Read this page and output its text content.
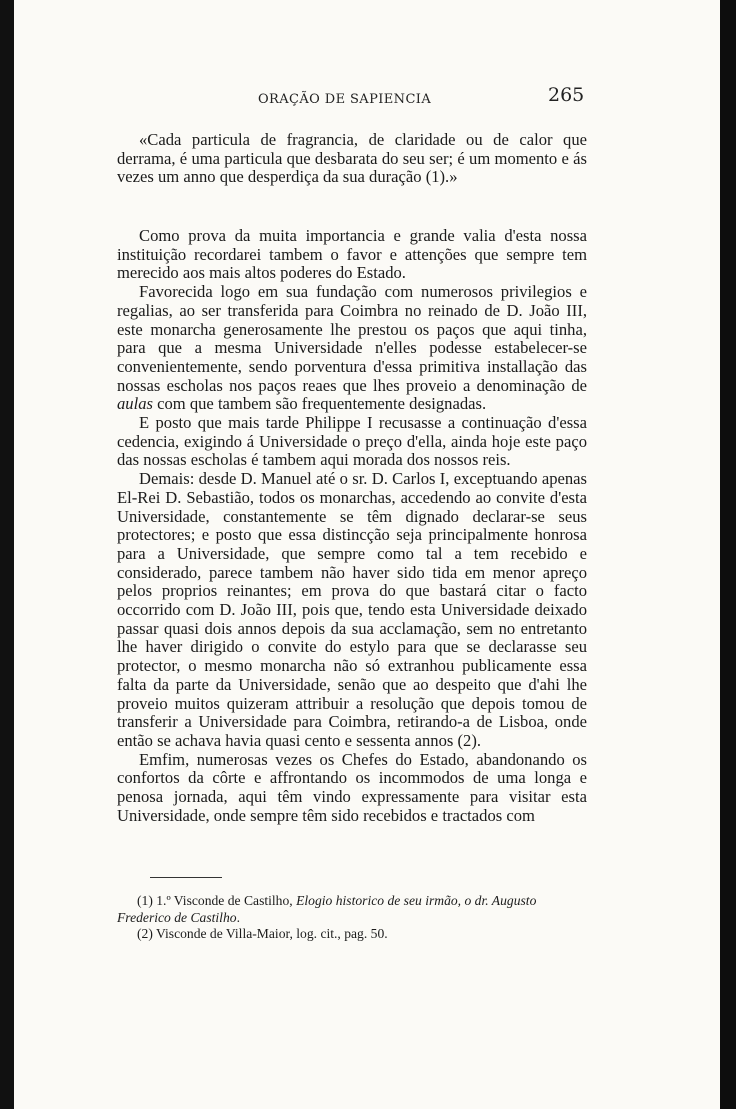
ORAÇÃO DE SAPIENCIA	265

«Cada particula de fragrancia, de claridade ou de calor que derrama, é uma particula que desbarata do seu ser; é um momento e ás vezes um anno que desperdiça da sua duração (1).»

Como prova da muita importancia e grande valia d'esta nossa instituição recordarei tambem o favor e attenções que sempre tem merecido aos mais altos poderes do Estado.

Favorecida logo em sua fundação com numerosos privilegios e regalias, ao ser transferida para Coimbra no reinado de D. João III, este monarcha generosamente lhe prestou os paços que aqui tinha, para que a mesma Universidade n'elles podesse estabelecer-se convenientemente, sendo porventura d'essa primitiva installação das nossas escholas nos paços reaes que lhes proveio a denominação de aulas com que tambem são frequentemente designadas.

E posto que mais tarde Philippe I recusasse a continuação d'essa cedencia, exigindo á Universidade o preço d'ella, ainda hoje este paço das nossas escholas é tambem aqui morada dos nossos reis.

Demais: desde D. Manuel até o sr. D. Carlos I, exceptuando apenas El-Rei D. Sebastião, todos os monarchas, accedendo ao convite d'esta Universidade, constantemente se têm dignado declarar-se seus protectores; e posto que essa distincção seja principalmente honrosa para a Universidade, que sempre como tal a tem recebido e considerado, parece tambem não haver sido tida em menor apreço pelos proprios reinantes; em prova do que bastará citar o facto occorrido com D. João III, pois que, tendo esta Universidade deixado passar quasi dois annos depois da sua acclamação, sem no entretanto lhe haver dirigido o convite do estylo para que se declarasse seu protector, o mesmo monarcha não só extranhou publicamente essa falta da parte da Universidade, senão que ao despeito que d'ahi lhe proveio muitos quizeram attribuir a resolução que depois tomou de transferir a Universidade para Coimbra, retirando-a de Lisboa, onde então se achava havia quasi cento e sessenta annos (2).

Emfim, numerosas vezes os Chefes do Estado, abandonando os confortos da côrte e affrontando os incommodos de uma longa e penosa jornada, aqui têm vindo expressamente para visitar esta Universidade, onde sempre têm sido recebidos e tractados com

(1) 1.º Visconde de Castilho, Elogio historico de seu irmão, o dr. Augusto Frederico de Castilho.

(2) Visconde de Villa-Maior, log. cit., pag. 50.
